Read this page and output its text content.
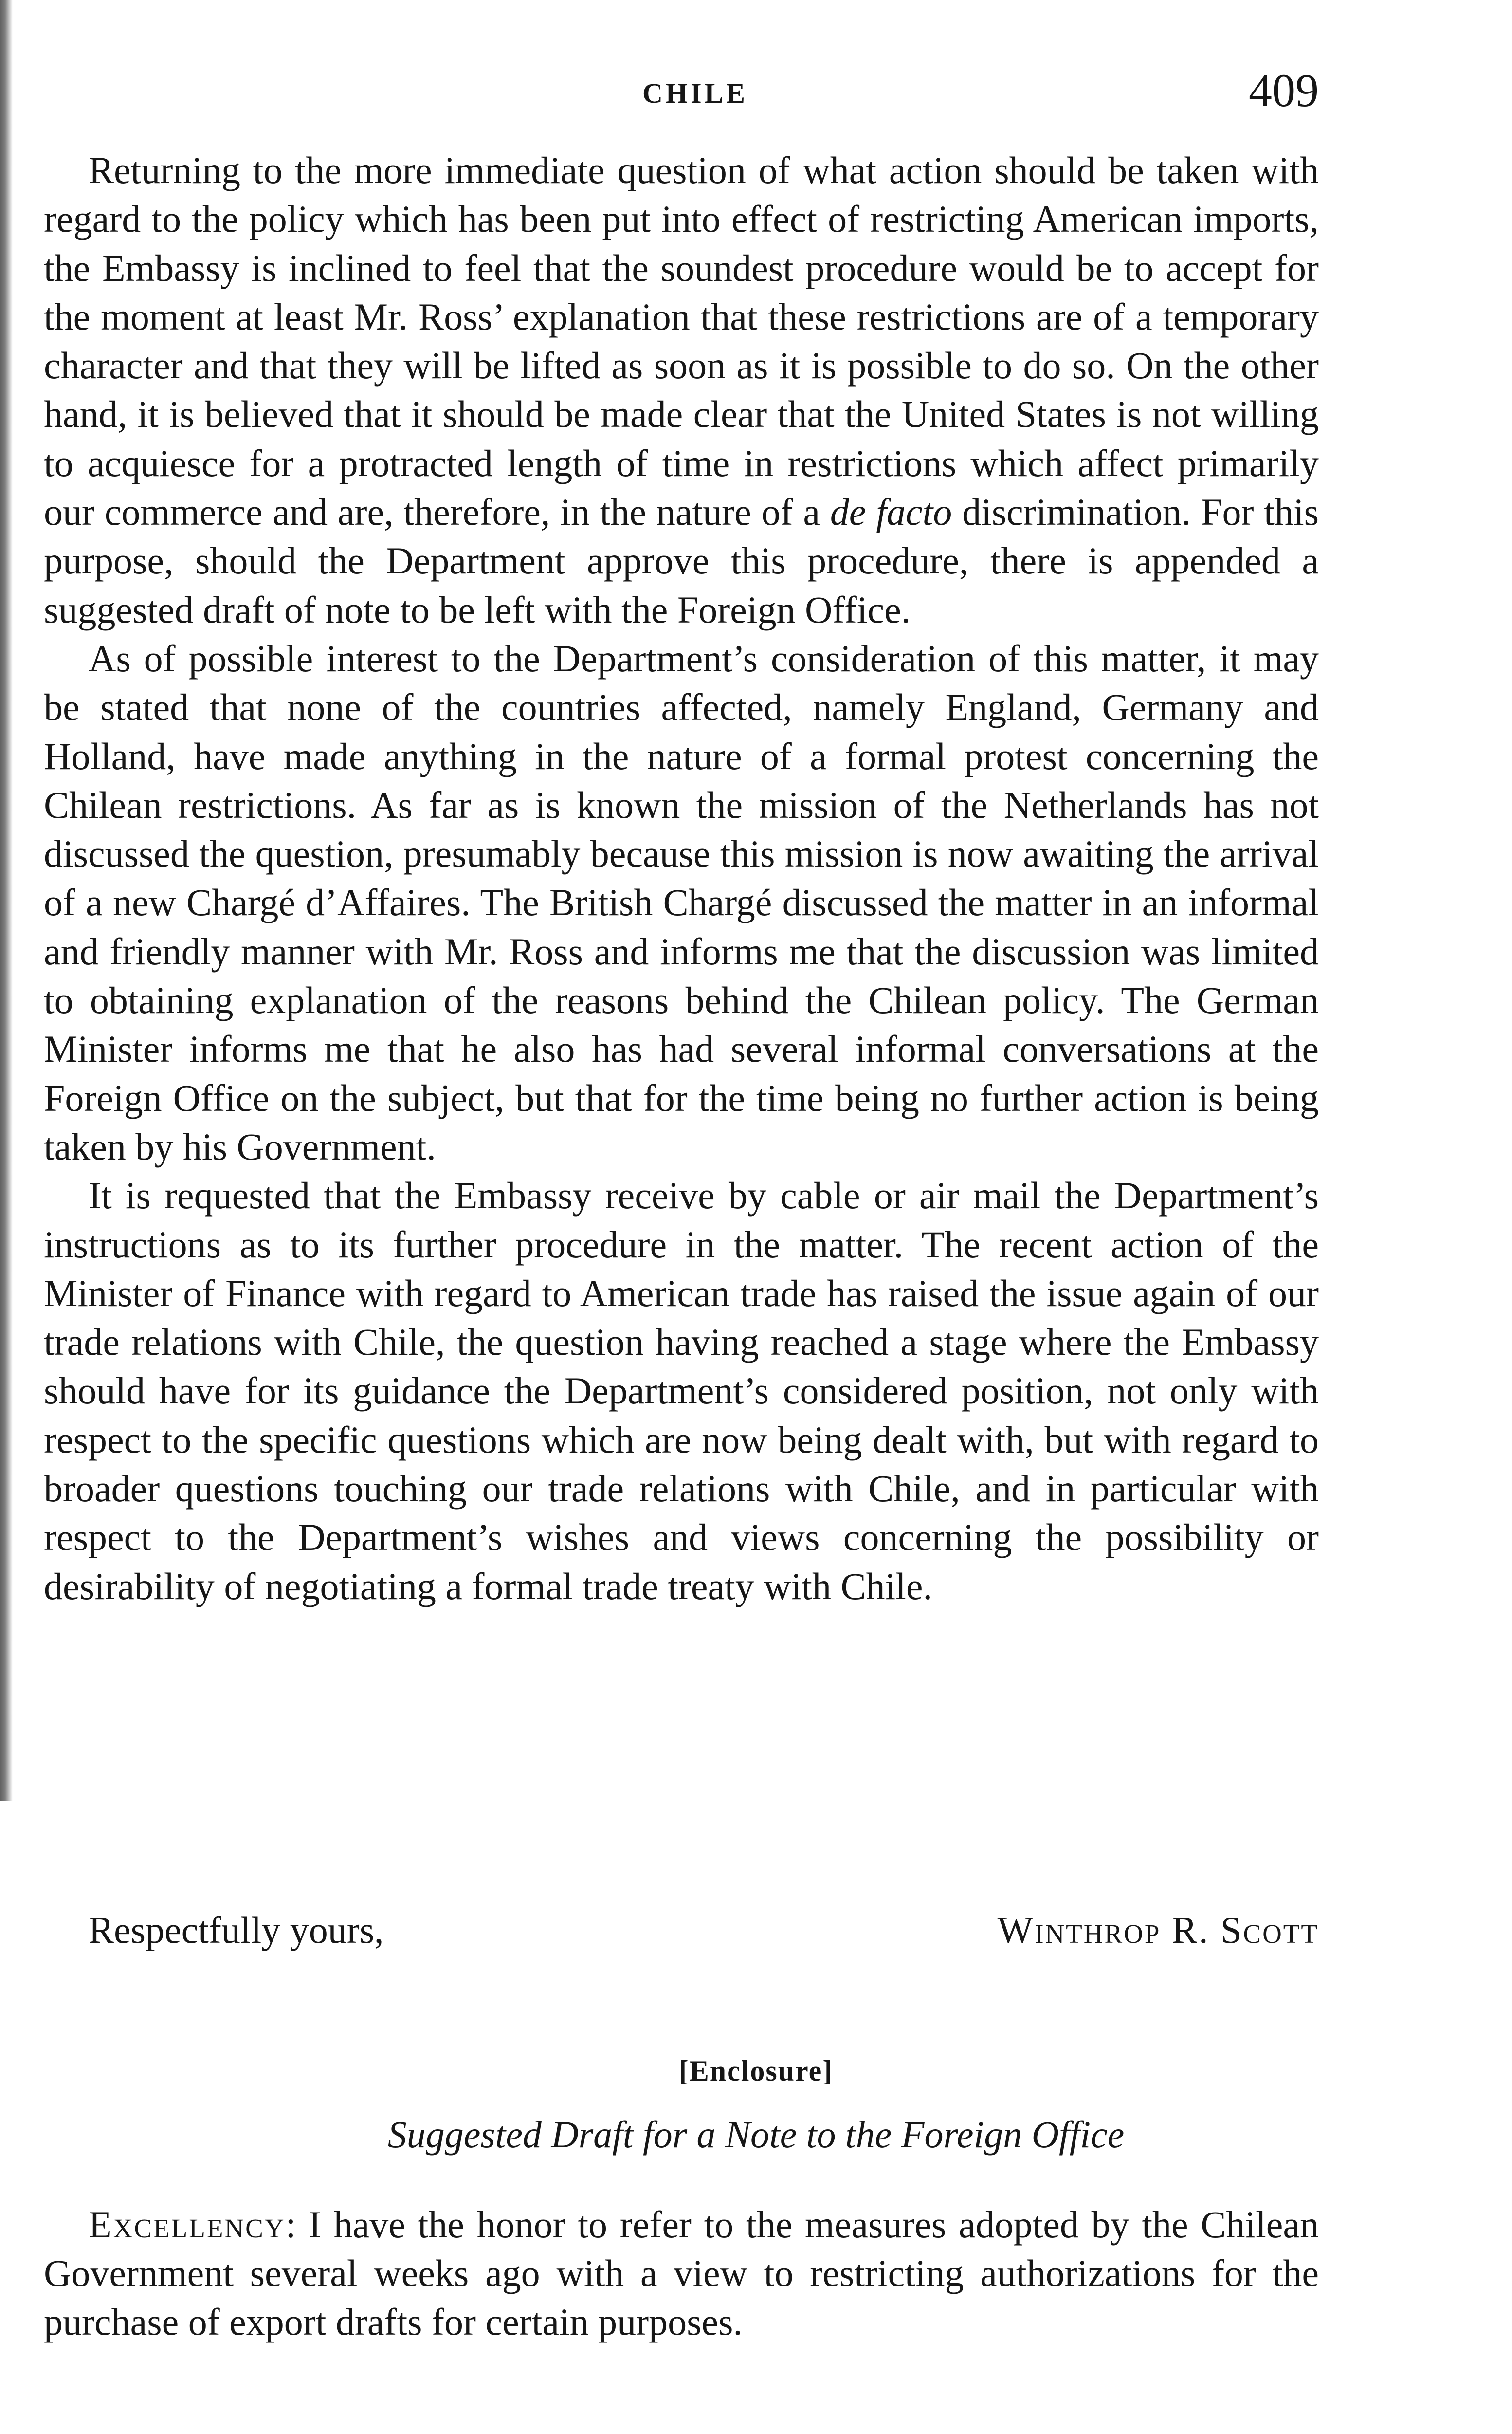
CHILE	409

Returning to the more immediate question of what action should be taken with regard to the policy which has been put into effect of restricting American imports, the Embassy is inclined to feel that the soundest procedure would be to accept for the moment at least Mr. Ross’ explanation that these restrictions are of a temporary character and that they will be lifted as soon as it is possible to do so. On the other hand, it is believed that it should be made clear that the United States is not willing to acquiesce for a protracted length of time in restrictions which affect primarily our commerce and are, therefore, in the nature of a de facto discrimination. For this purpose, should the Department approve this procedure, there is appended a suggested draft of note to be left with the Foreign Office.

As of possible interest to the Department’s consideration of this matter, it may be stated that none of the countries affected, namely England, Germany and Holland, have made anything in the nature of a formal protest concerning the Chilean restrictions. As far as is known the mission of the Netherlands has not discussed the question, presumably because this mission is now awaiting the arrival of a new Chargé d’Affaires. The British Chargé discussed the matter in an informal and friendly manner with Mr. Ross and informs me that the discussion was limited to obtaining explanation of the reasons behind the Chilean policy. The German Minister informs me that he also has had several informal conversations at the Foreign Office on the subject, but that for the time being no further action is being taken by his Government.

It is requested that the Embassy receive by cable or air mail the Department’s instructions as to its further procedure in the matter. The recent action of the Minister of Finance with regard to American trade has raised the issue again of our trade relations with Chile, the question having reached a stage where the Embassy should have for its guidance the Department’s considered position, not only with respect to the specific questions which are now being dealt with, but with regard to broader questions touching our trade relations with Chile, and in particular with respect to the Department’s wishes and views concerning the possibility or desirability of negotiating a formal trade treaty with Chile.

Respectfully yours,	Winthrop R. Scott
[Enclosure]
Suggested Draft for a Note to the Foreign Office

Excellency: I have the honor to refer to the measures adopted by the Chilean Government several weeks ago with a view to restricting authorizations for the purchase of export drafts for certain purposes.
